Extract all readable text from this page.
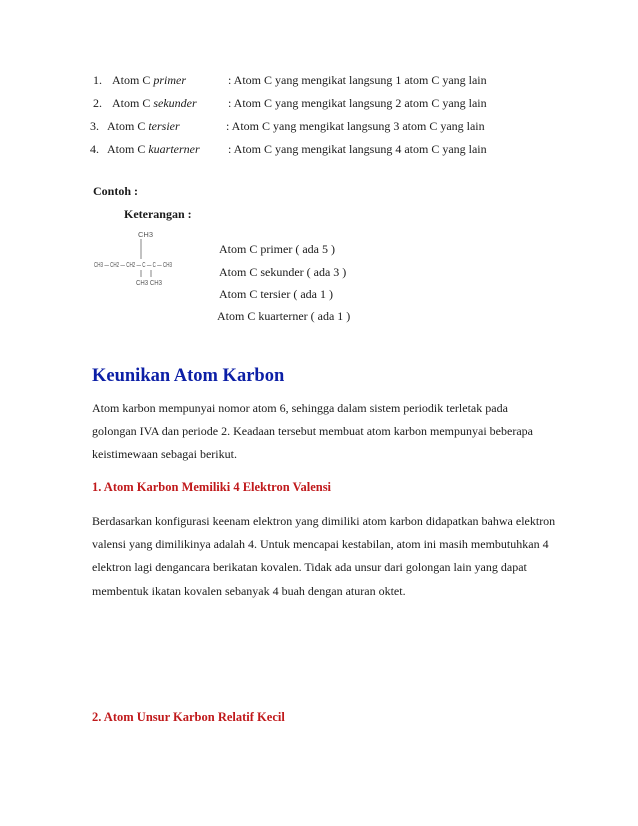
1. Atom C primer	: Atom C yang mengikat langsung 1 atom C yang lain
2. Atom C sekunder	: Atom C yang mengikat langsung 2 atom C yang lain
3. Atom C tersier	: Atom C yang mengikat langsung 3 atom C yang lain
4. Atom C kuarterner : Atom C yang mengikat langsung 4 atom C yang lain
Contoh :
Keterangan :
CH3
CH3 — CH2 — CH2 — C — C — CH3
CH3 CH3
Atom C primer ( ada 5 )
Atom C sekunder ( ada 3 )
Atom C tersier ( ada 1 )
Atom C kuarterner ( ada 1 )
Keunikan Atom Karbon
Atom karbon mempunyai nomor atom 6, sehingga dalam sistem periodik terletak pada golongan IVA dan periode 2. Keadaan tersebut membuat atom karbon mempunyai beberapa keistimewaan sebagai berikut.
1. Atom Karbon Memiliki 4 Elektron Valensi
Berdasarkan konfigurasi keenam elektron yang dimiliki atom karbon didapatkan bahwa elektron valensi yang dimilikinya adalah 4. Untuk mencapai kestabilan, atom ini masih membutuhkan 4 elektron lagi dengancara berikatan kovalen. Tidak ada unsur dari golongan lain yang dapat membentuk ikatan kovalen sebanyak 4 buah dengan aturan oktet.
2. Atom Unsur Karbon Relatif Kecil
